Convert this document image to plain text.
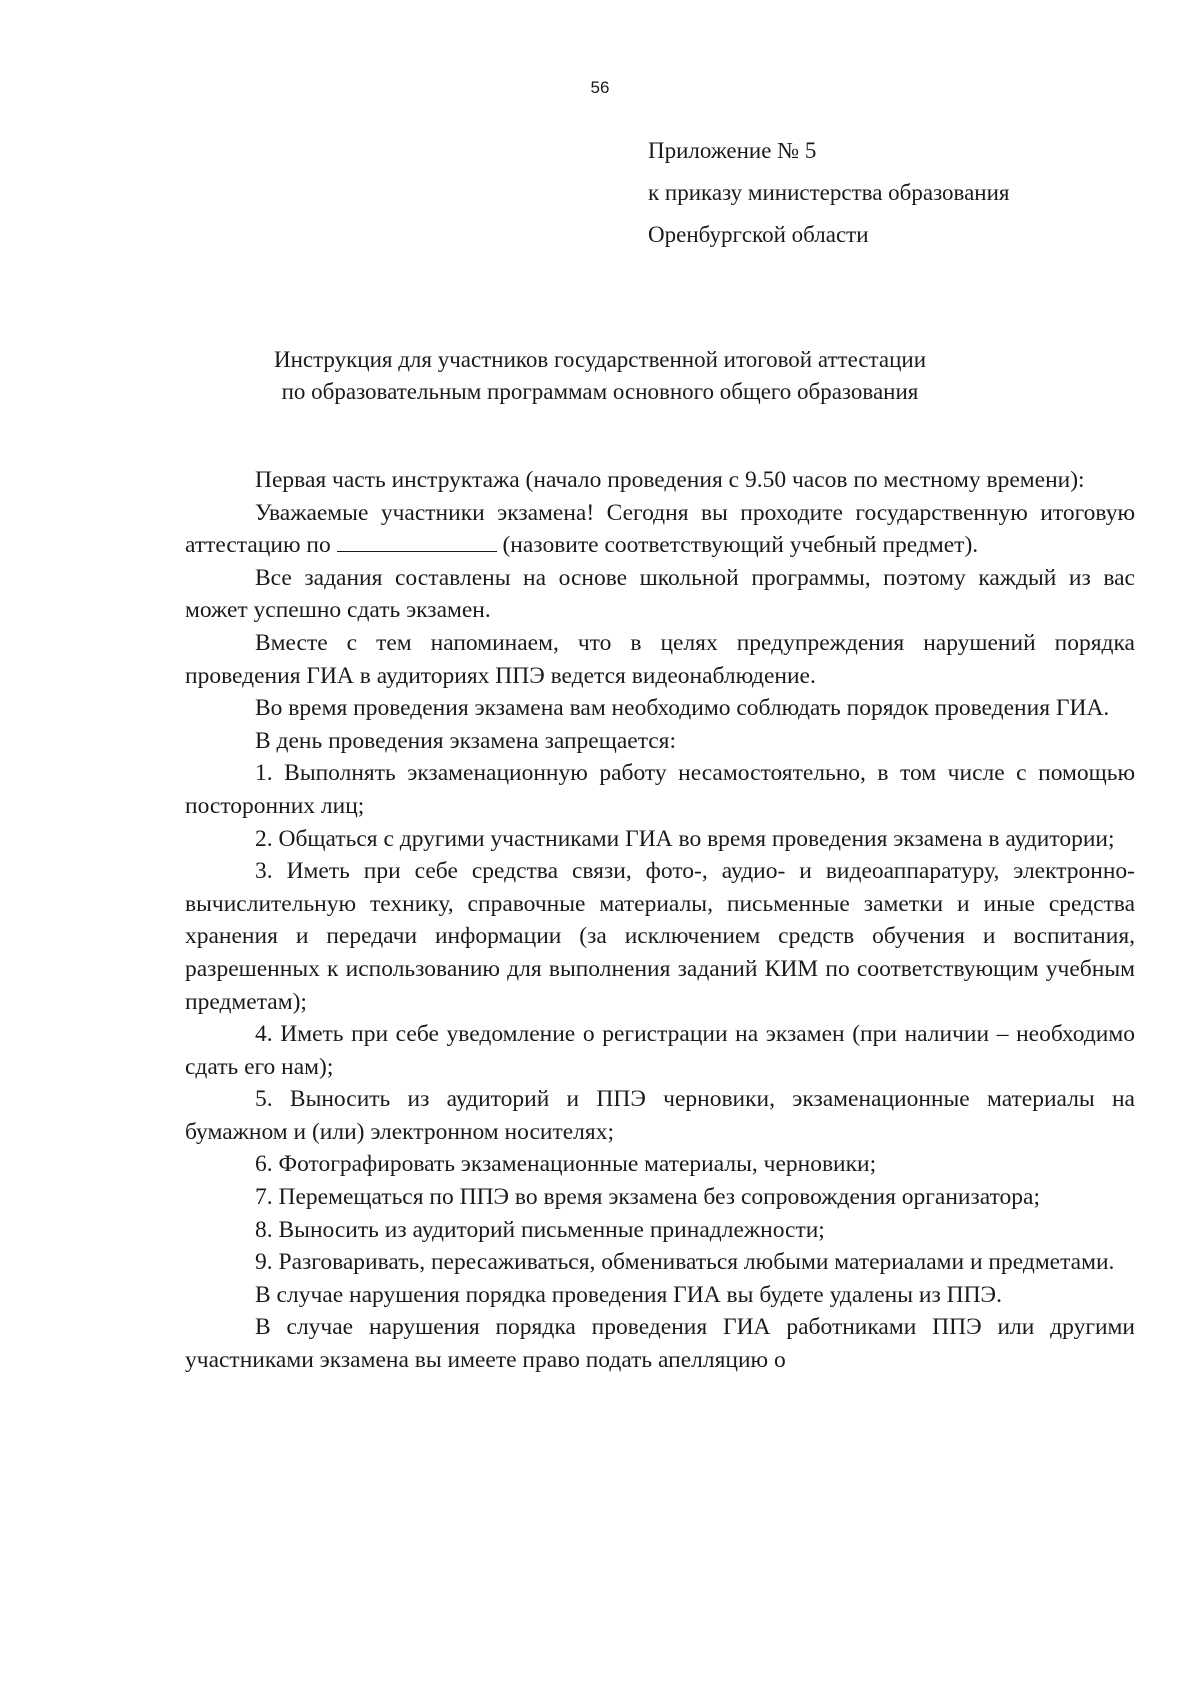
56
Приложение № 5
к приказу министерства образования
Оренбургской области
Инструкция для участников государственной итоговой аттестации
по образовательным программам основного общего образования

Первая часть инструктажа (начало проведения с 9.50 часов по местному времени):

Уважаемые участники экзамена! Сегодня вы проходите государственную итоговую аттестацию по	(назовите соответствующий учебный предмет).

Все задания составлены на основе школьной программы, поэтому каждый из вас может успешно сдать экзамен.

Вместе с тем напоминаем, что в целях предупреждения нарушений порядка проведения ГИА в аудиториях ППЭ ведется видеонаблюдение.

Во время проведения экзамена вам необходимо соблюдать порядок проведения ГИА.

В день проведения экзамена запрещается:

1. Выполнять экзаменационную работу несамостоятельно, в том числе с помощью посторонних лиц;

2. Общаться с другими участниками ГИА во время проведения экзамена в аудитории;

3. Иметь при себе средства связи, фото-, аудио- и видеоаппаратуру, электронно-вычислительную технику, справочные материалы, письменные заметки и иные средства хранения и передачи информации (за исключением средств обучения и воспитания, разрешенных к использованию для выполнения заданий КИМ по соответствующим учебным предметам);

4. Иметь при себе уведомление о регистрации на экзамен (при наличии – необходимо сдать его нам);

5. Выносить из аудиторий и ППЭ черновики, экзаменационные материалы на бумажном и (или) электронном носителях;

6. Фотографировать экзаменационные материалы, черновики;

7. Перемещаться по ППЭ во время экзамена без сопровождения организатора;

8. Выносить из аудиторий письменные принадлежности;

9. Разговаривать, пересаживаться, обмениваться любыми материалами и предметами.

В случае нарушения порядка проведения ГИА вы будете удалены из ППЭ.

В случае нарушения порядка проведения ГИА работниками ППЭ или другими участниками экзамена вы имеете право подать апелляцию о
